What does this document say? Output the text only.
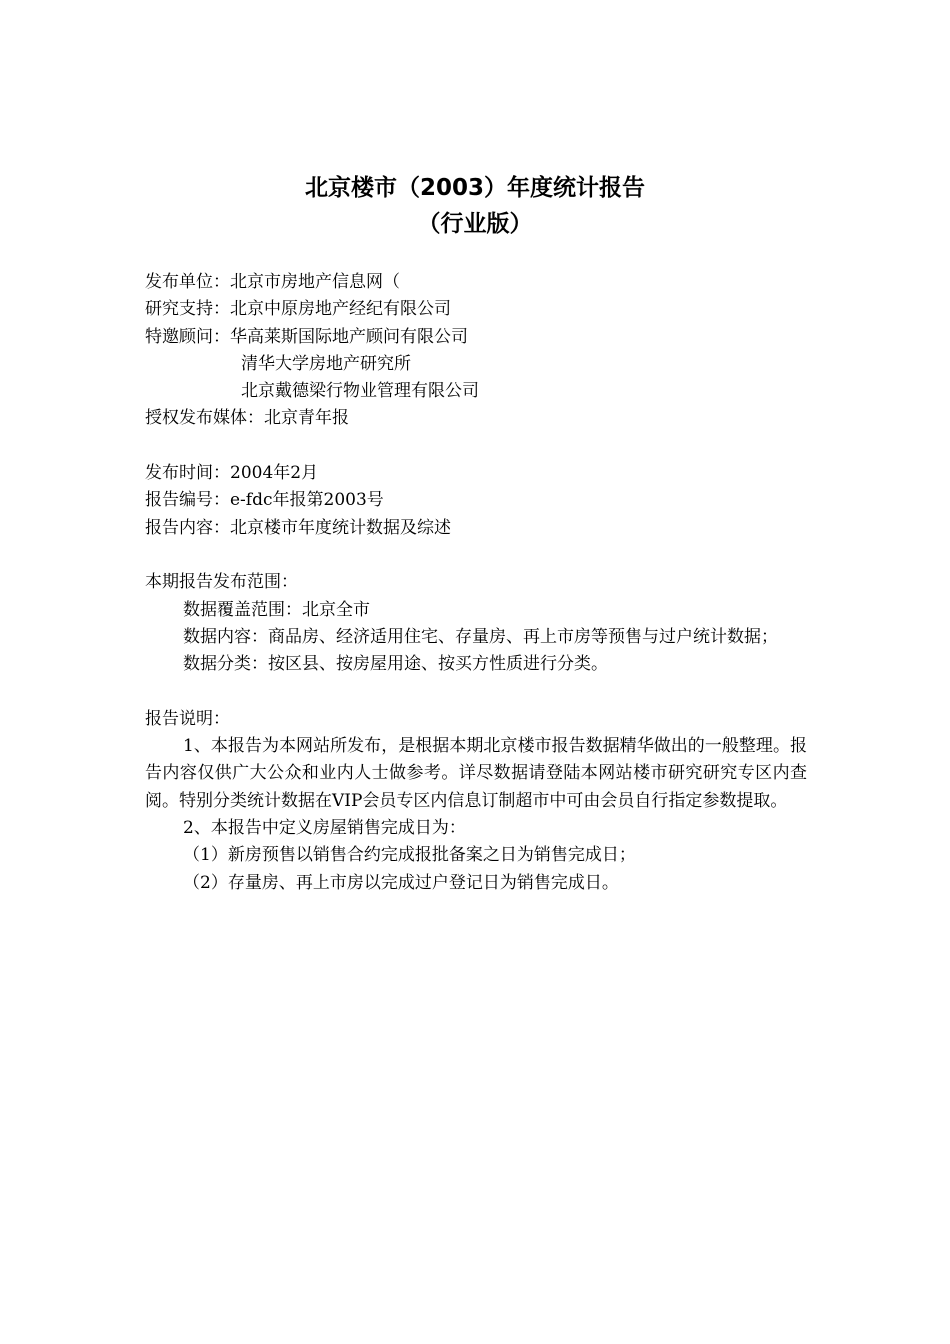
北京楼市（2003）年度统计报告
（行业版）
发布单位：北京市房地产信息网（
研究支持：北京中原房地产经纪有限公司
特邀顾问：华高莱斯国际地产顾问有限公司
清华大学房地产研究所
北京戴德梁行物业管理有限公司
授权发布媒体：北京青年报
发布时间：2004年2月
报告编号：e-fdc年报第2003号
报告内容：北京楼市年度统计数据及综述
本期报告发布范围：
数据覆盖范围：北京全市
数据内容：商品房、经济适用住宅、存量房、再上市房等预售与过户统计数据；
数据分类：按区县、按房屋用途、按买方性质进行分类。
报告说明：
1、本报告为本网站所发布，是根据本期北京楼市报告数据精华做出的一般整理。报告内容仅供广大公众和业内人士做参考。详尽数据请登陆本网站楼市研究研究专区内查阅。特别分类统计数据在VIP会员专区内信息订制超市中可由会员自行指定参数提取。
2、本报告中定义房屋销售完成日为：
（1）新房预售以销售合约完成报批备案之日为销售完成日；
（2）存量房、再上市房以完成过户登记日为销售完成日。
